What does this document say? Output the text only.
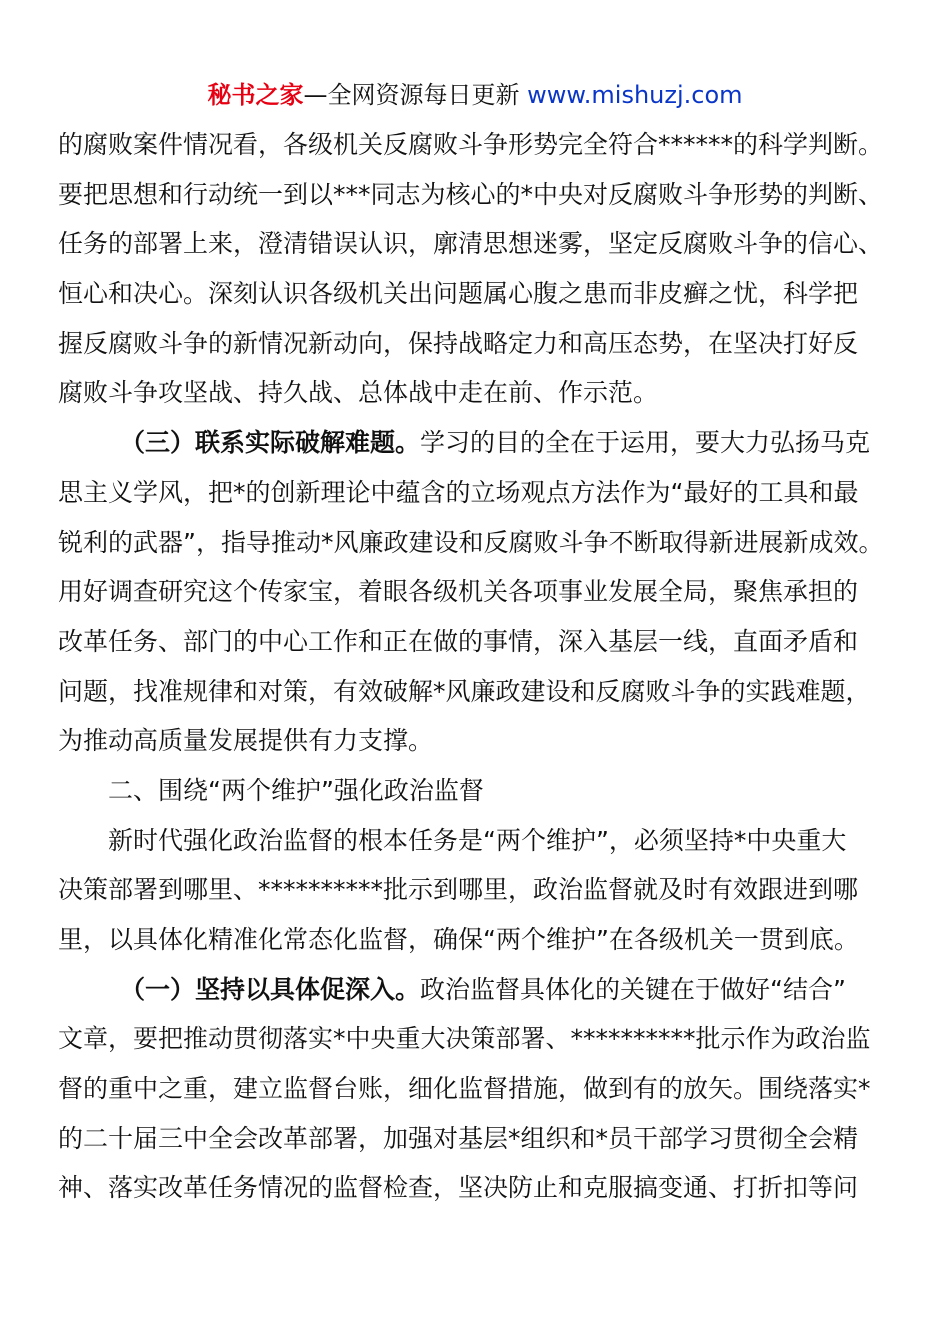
秘书之家—全网资源每日更新 www.mishuzj.com
的腐败案件情况看，各级机关反腐败斗争形势完全符合******的科学判断。
要把思想和行动统一到以***同志为核心的*中央对反腐败斗争形势的判断、
任务的部署上来，澄清错误认识，廓清思想迷雾，坚定反腐败斗争的信心、
恒心和决心。深刻认识各级机关出问题属心腹之患而非皮癣之忧，科学把
握反腐败斗争的新情况新动向，保持战略定力和高压态势，在坚决打好反
腐败斗争攻坚战、持久战、总体战中走在前、作示范。
（三）联系实际破解难题。学习的目的全在于运用，要大力弘扬马克
思主义学风，把*的创新理论中蕴含的立场观点方法作为“最好的工具和最
锐利的武器”，指导推动*风廉政建设和反腐败斗争不断取得新进展新成效。
用好调查研究这个传家宝，着眼各级机关各项事业发展全局，聚焦承担的
改革任务、部门的中心工作和正在做的事情，深入基层一线，直面矛盾和
问题，找准规律和对策，有效破解*风廉政建设和反腐败斗争的实践难题，
为推动高质量发展提供有力支撑。
二、围绕“两个维护”强化政治监督
新时代强化政治监督的根本任务是“两个维护”，必须坚持*中央重大
决策部署到哪里、**********批示到哪里，政治监督就及时有效跟进到哪
里，以具体化精准化常态化监督，确保“两个维护”在各级机关一贯到底。
（一）坚持以具体促深入。政治监督具体化的关键在于做好“结合”
文章，要把推动贯彻落实*中央重大决策部署、**********批示作为政治监
督的重中之重，建立监督台账，细化监督措施，做到有的放矢。围绕落实*
的二十届三中全会改革部署，加强对基层*组织和*员干部学习贯彻全会精
神、落实改革任务情况的监督检查，坚决防止和克服搞变通、打折扣等问
